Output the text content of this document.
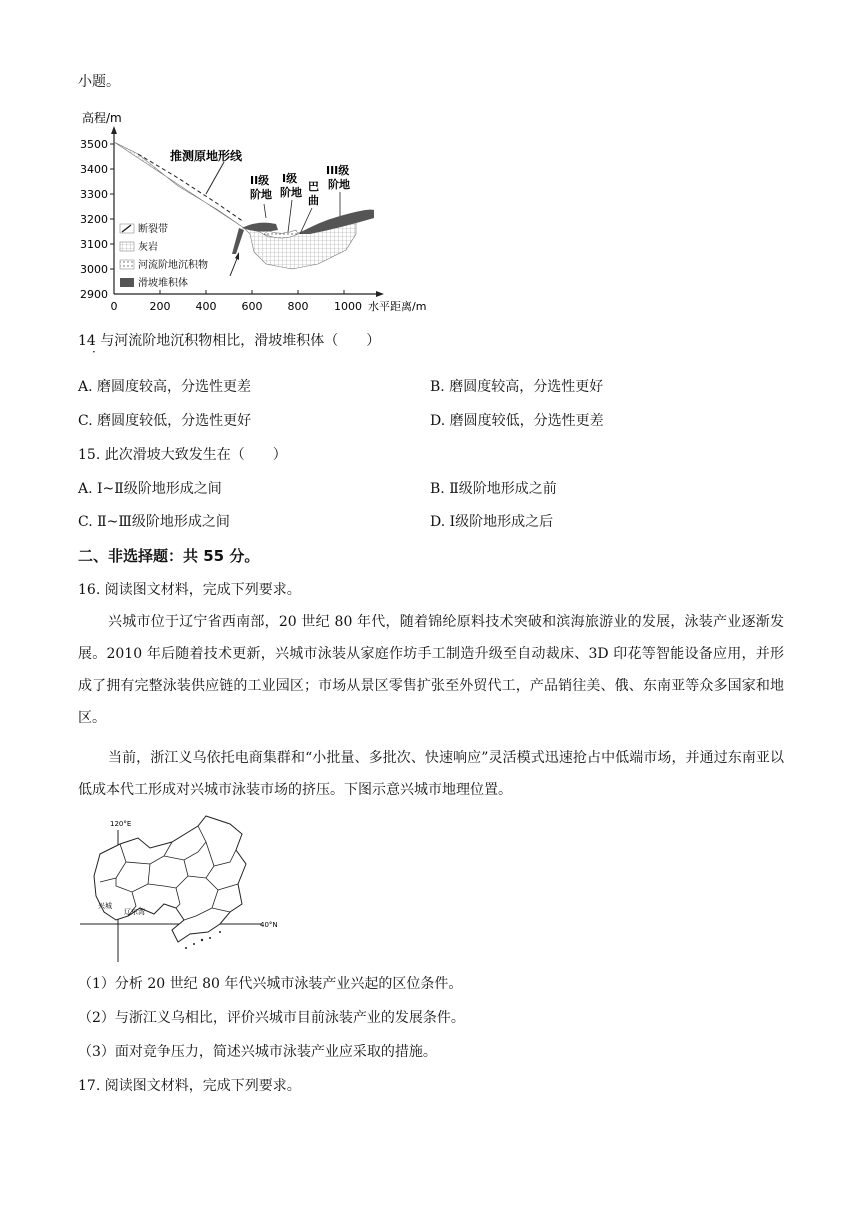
小题。
高程/m
3500
3400
3300
3200
3100
3000
2900
0	200 400 600 800 1000 水平距离/m
推测原地形线
II级
阶地
I级
阶地 巴
曲
III级
阶地
断裂带
灰岩
河流阶地沉积物
滑坡堆积体
14 与河流阶地沉积物相比，滑坡堆积体（　　）
·
A. 磨圆度较高，分选性更差	B. 磨圆度较高，分选性更好
C. 磨圆度较低，分选性更好	D. 磨圆度较低，分选性更差
15. 此次滑坡大致发生在（　　）
A. Ⅰ~Ⅱ级阶地形成之间	B. Ⅱ级阶地形成之前
C. Ⅱ~Ⅲ级阶地形成之间	D. Ⅰ级阶地形成之后
二、非选择题：共 55 分。
16. 阅读图文材料，完成下列要求。
兴城市位于辽宁省西南部，20 世纪 80 年代，随着锦纶原料技术突破和滨海旅游业的发展，泳装产业逐渐发展。2010 年后随着技术更新，兴城市泳装从家庭作坊手工制造升级至自动裁床、3D 印花等智能设备应用，并形成了拥有完整泳装供应链的工业园区；市场从景区零售扩张至外贸代工，产品销往美、俄、东南亚等众多国家和地区。
当前，浙江义乌依托电商集群和“小批量、多批次、快速响应”灵活模式迅速抢占中低端市场，并通过东南亚以低成本代工形成对兴城市泳装市场的挤压。下图示意兴城市地理位置。
120°E
40°N
兴城
辽东湾
（1）分析 20 世纪 80 年代兴城市泳装产业兴起的区位条件。
（2）与浙江义乌相比，评价兴城市目前泳装产业的发展条件。
（3）面对竞争压力，简述兴城市泳装产业应采取的措施。
17. 阅读图文材料，完成下列要求。
